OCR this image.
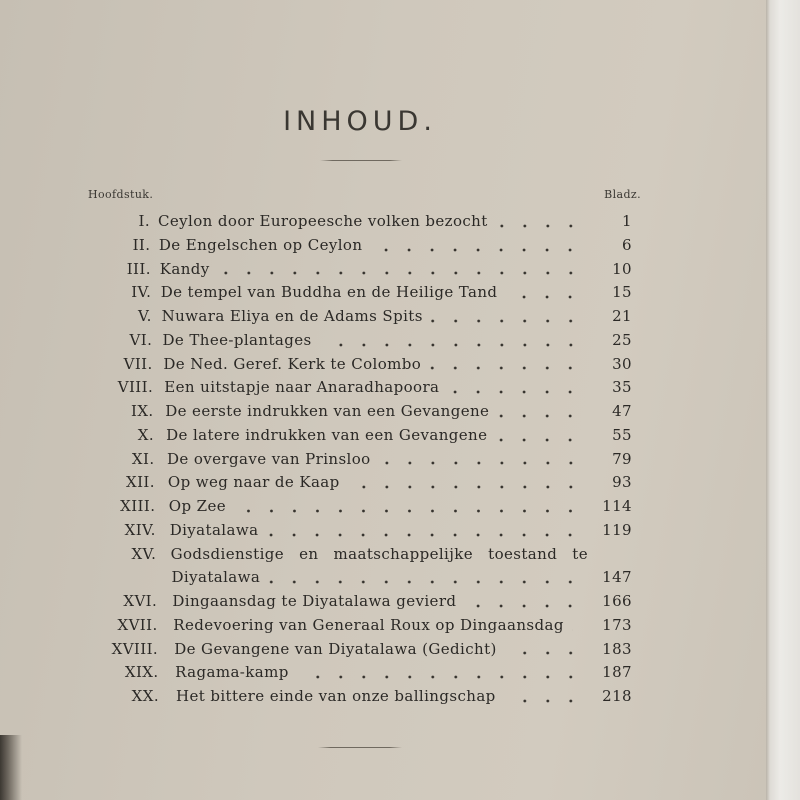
INHOUD.
Hoofdstuk.	Bladz.
I. Ceylon door Europeesche volken bezocht	1
II. De Engelschen op Ceylon	6
III. Kandy	10
IV. De tempel van Buddha en de Heilige Tand	15
V. Nuwara Eliya en de Adams Spits	21
VI. De Thee-plantages	25
VII. De Ned. Geref. Kerk te Colombo	30
VIII. Een uitstapje naar Anaradhapoora	35
IX. De eerste indrukken van een Gevangene	47
X. De latere indrukken van een Gevangene	55
XI. De overgave van Prinsloo	79
XII. Op weg naar de Kaap	93
XIII. Op Zee	114
XIV. Diyatalawa	119
XV. Godsdienstige en maatschappelijke toestand te
Diyatalawa	147
XVI. Dingaansdag te Diyatalawa gevierd	166
XVII. Redevoering van Generaal Roux op Dingaansdag	173
XVIII. De Gevangene van Diyatalawa (Gedicht)	183
XIX. Ragama-kamp	187
XX. Het bittere einde van onze ballingschap	218
